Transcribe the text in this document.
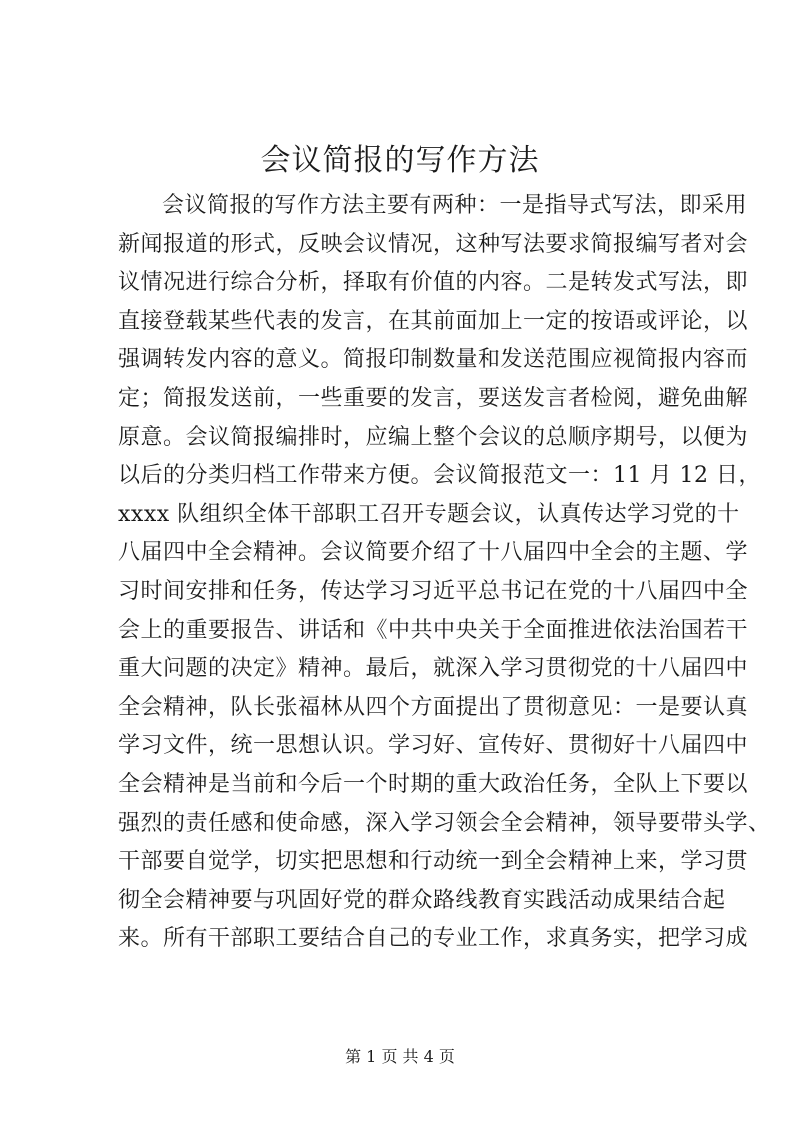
会议简报的写作方法
会议简报的写作方法主要有两种：一是指导式写法，即采用
新闻报道的形式，反映会议情况，这种写法要求简报编写者对会
议情况进行综合分析，择取有价值的内容。二是转发式写法，即
直接登载某些代表的发言，在其前面加上一定的按语或评论，以
强调转发内容的意义。简报印制数量和发送范围应视简报内容而
定；简报发送前，一些重要的发言，要送发言者检阅，避免曲解
原意。会议简报编排时，应编上整个会议的总顺序期号，以便为
以后的分类归档工作带来方便。会议简报范文一：11 月 12 日，
xxxx 队组织全体干部职工召开专题会议，认真传达学习党的十
八届四中全会精神。会议简要介绍了十八届四中全会的主题、学
习时间安排和任务，传达学习习近平总书记在党的十八届四中全
会上的重要报告、讲话和《中共中央关于全面推进依法治国若干
重大问题的决定》精神。最后，就深入学习贯彻党的十八届四中
全会精神，队长张福林从四个方面提出了贯彻意见：一是要认真
学习文件，统一思想认识。学习好、宣传好、贯彻好十八届四中
全会精神是当前和今后一个时期的重大政治任务，全队上下要以
强烈的责任感和使命感，深入学习领会全会精神，领导要带头学、
干部要自觉学，切实把思想和行动统一到全会精神上来，学习贯
彻全会精神要与巩固好党的群众路线教育实践活动成果结合起
来。所有干部职工要结合自己的专业工作，求真务实，把学习成
第 1 页 共 4 页
